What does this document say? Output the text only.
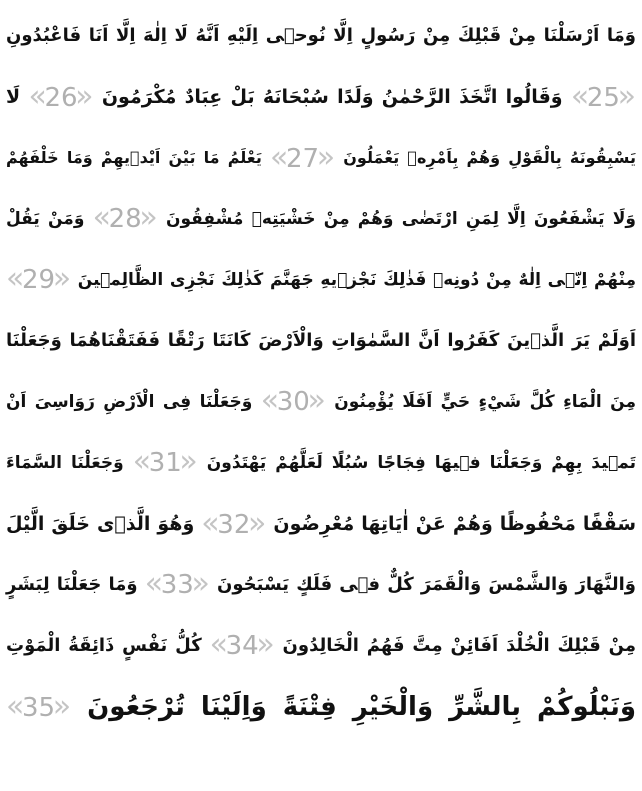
وَمَا اَرْسَلْنَا مِنْ قَبْلِكَ مِنْ رَسُولٍ اِلَّا نُوحٖى اِلَيْهِ اَنَّهُ لَا اِلٰهَ اِلَّا اَنَا فَاعْبُدُونِ
« 25 » وَقَالُوا اتَّخَذَ الرَّحْمٰنُ وَلَدًا سُبْحَانَهُ بَلْ عِبَادٌ مُكْرَمُونَ « 26 » لَا
يَسْبِقُونَهُ بِالْقَوْلِ وَهُمْ بِاَمْرِهٖ يَعْمَلُونَ « 27 » يَعْلَمُ مَا بَيْنَ اَيْدٖيهِمْ وَمَا خَلْفَهُمْ
وَلَا يَشْفَعُونَ اِلَّا لِمَنِ ارْتَضٰى وَهُمْ مِنْ خَشْيَتِهٖ مُشْفِقُونَ « 28 » وَمَنْ يَقُلْ
مِنْهُمْ اِنّٖى اِلٰهٌ مِنْ دُونِهٖ فَذٰلِكَ نَجْزٖيهِ جَهَنَّمَ كَذٰلِكَ نَجْزِى الظَّالِمٖينَ « 29 »
اَوَلَمْ يَرَ الَّذٖينَ كَفَرُوا اَنَّ السَّمٰوَاتِ وَالْاَرْضَ كَانَتَا رَتْقًا فَفَتَقْنَاهُمَا وَجَعَلْنَا
مِنَ الْمَاءِ كُلَّ شَيْءٍ حَيٍّ اَفَلَا يُؤْمِنُونَ « 30 » وَجَعَلْنَا فِى الْاَرْضِ رَوَاسِىَ اَنْ
تَمٖيدَ بِهِمْ وَجَعَلْنَا فٖيهَا فِجَاجًا سُبُلًا لَعَلَّهُمْ يَهْتَدُونَ « 31 » وَجَعَلْنَا السَّمَاءَ
سَقْفًا مَحْفُوظًا وَهُمْ عَنْ اٰيَاتِهَا مُعْرِضُونَ « 32 » وَهُوَ الَّذٖى خَلَقَ الَّيْلَ
وَالنَّهَارَ وَالشَّمْسَ وَالْقَمَرَ كُلٌّ فٖى فَلَكٍ يَسْبَحُونَ « 33 » وَمَا جَعَلْنَا لِبَشَرٍ
مِنْ قَبْلِكَ الْخُلْدَ اَفَائِنْ مِتَّ فَهُمُ الْخَالِدُونَ « 34 » كُلُّ نَفْسٍ ذَائِقَةُ الْمَوْتِ
وَنَبْلُوكُمْ بِالشَّرِّ وَالْخَيْرِ فِتْنَةً وَاِلَيْنَا تُرْجَعُونَ « 35 »
